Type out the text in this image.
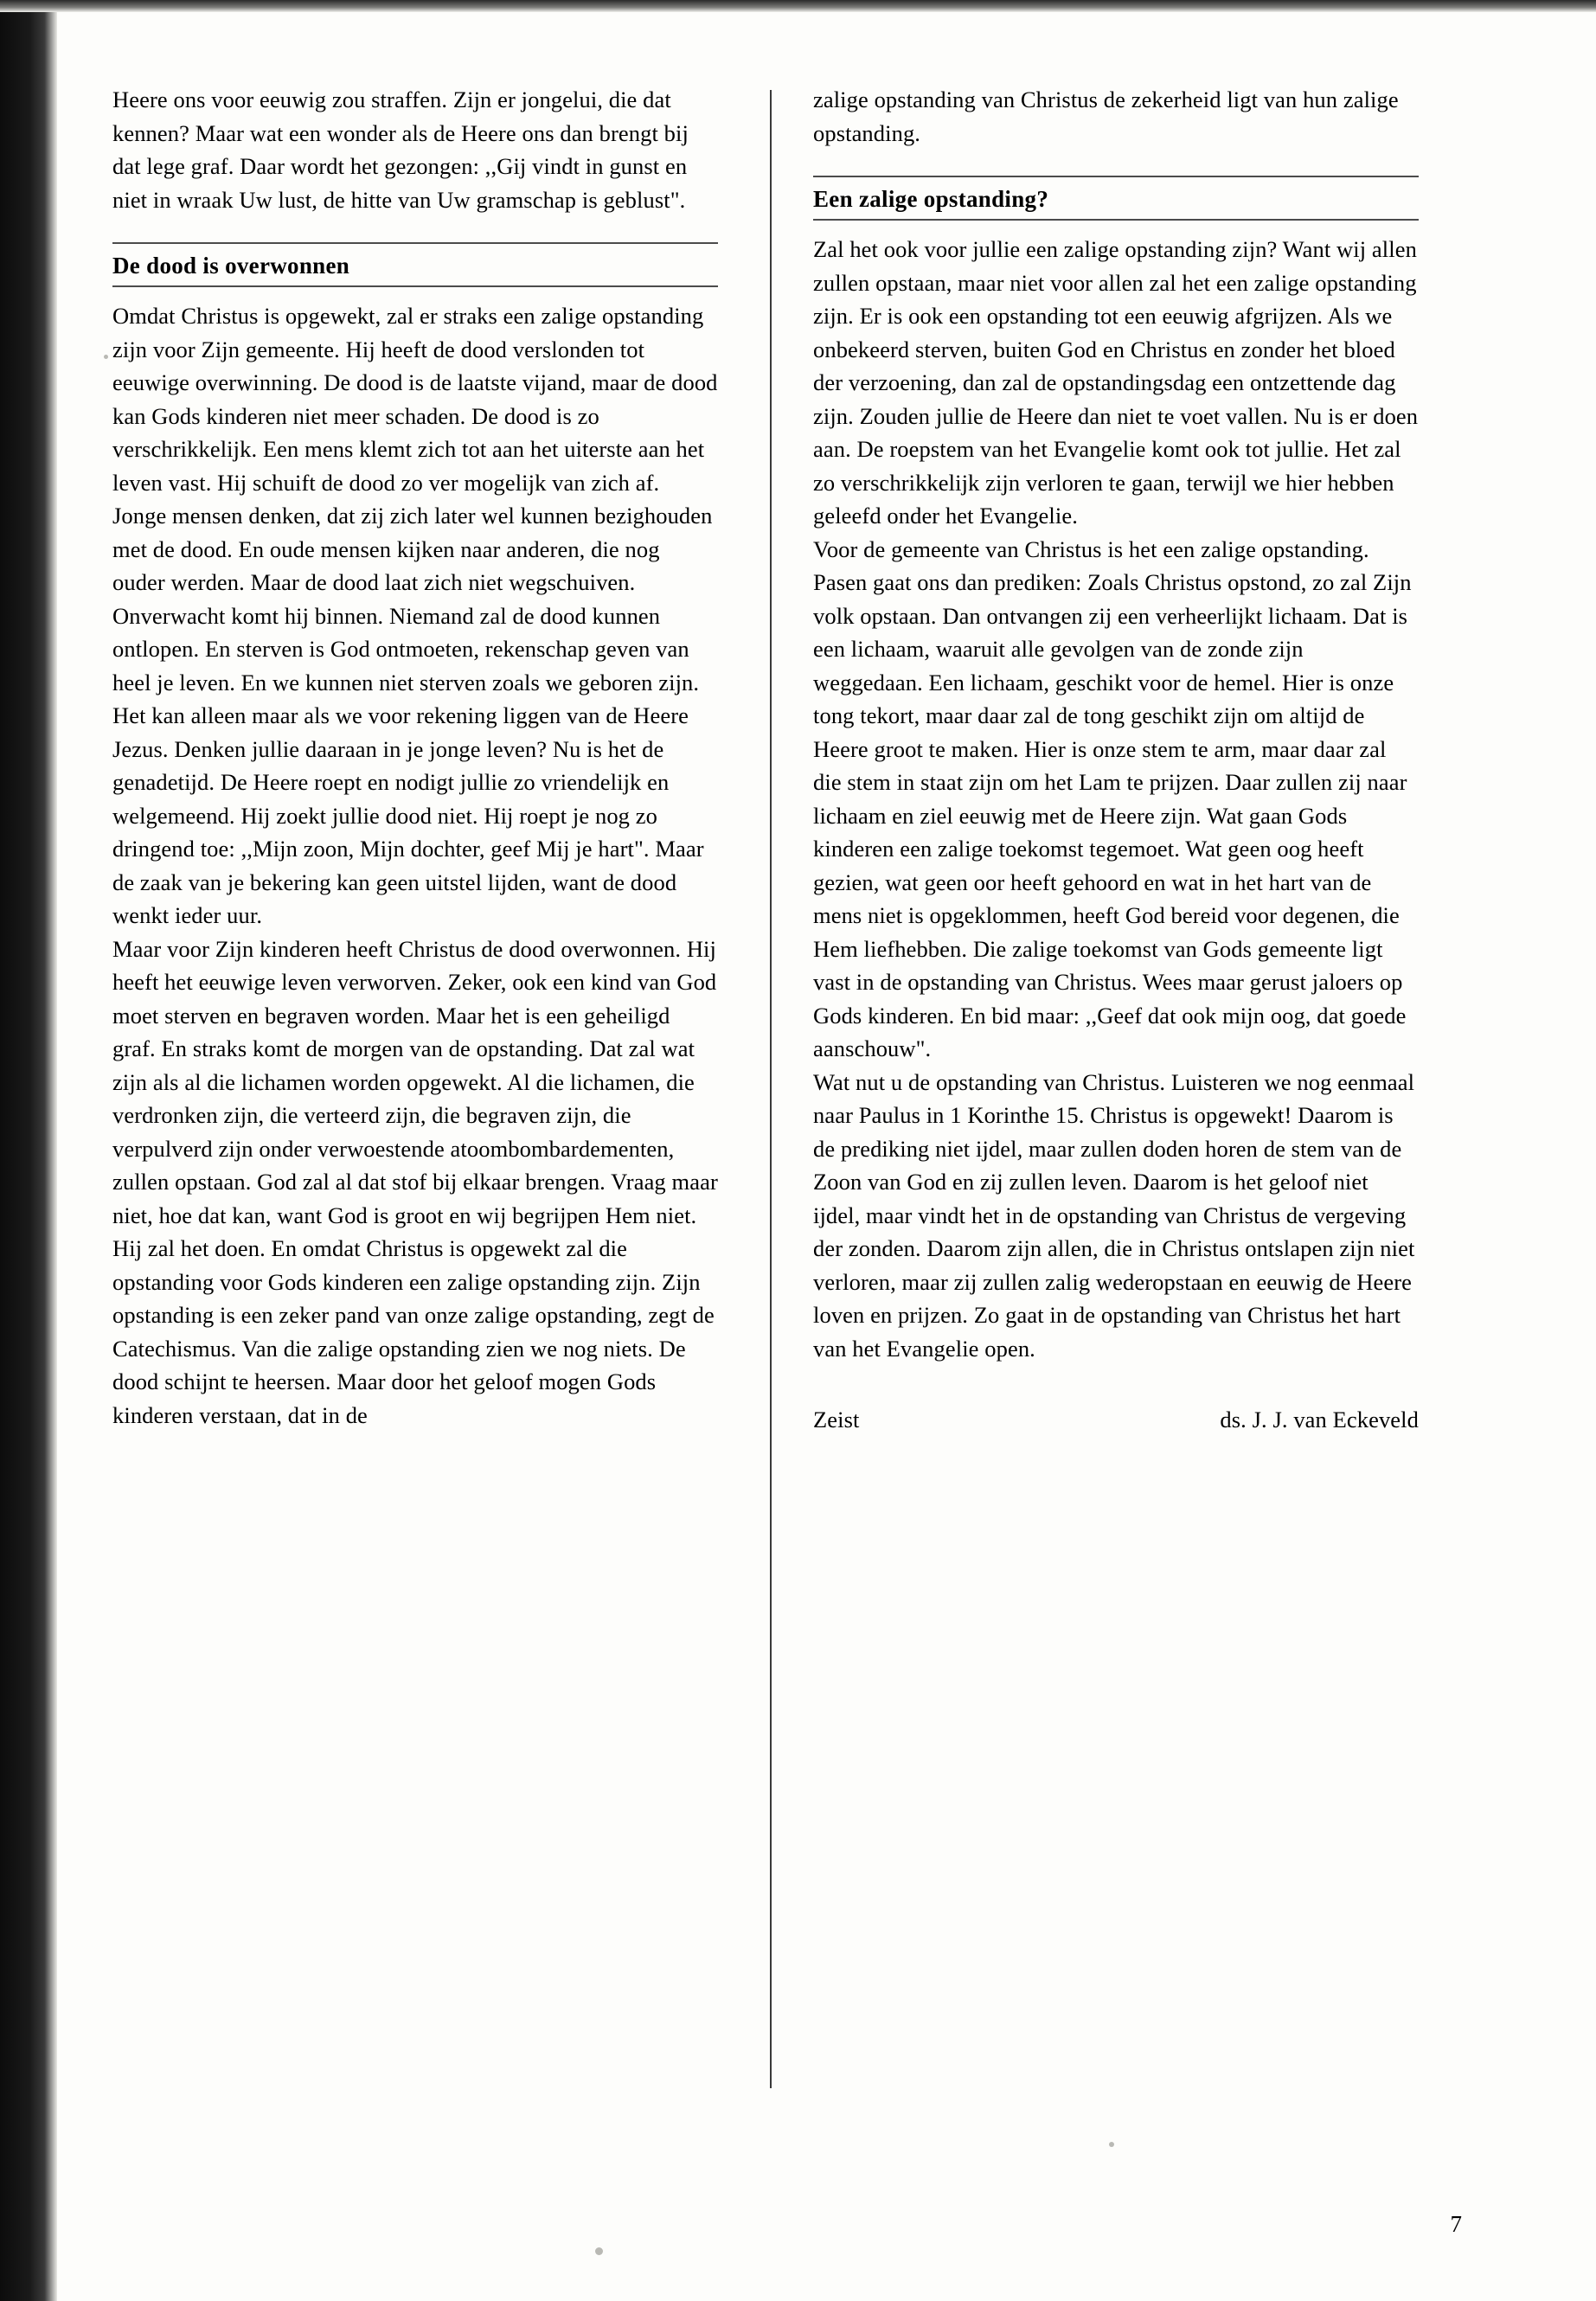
Heere ons voor eeuwig zou straffen. Zijn er jongelui, die dat kennen? Maar wat een wonder als de Heere ons dan brengt bij dat lege graf. Daar wordt het gezongen: ,,Gij vindt in gunst en niet in wraak Uw lust, de hitte van Uw gramschap is geblust".

De dood is overwonnen

Omdat Christus is opgewekt, zal er straks een zalige opstanding zijn voor Zijn gemeente. Hij heeft de dood verslonden tot eeuwige overwinning. De dood is de laatste vijand, maar de dood kan Gods kinderen niet meer schaden. De dood is zo verschrikkelijk. Een mens klemt zich tot aan het uiterste aan het leven vast. Hij schuift de dood zo ver mogelijk van zich af. Jonge mensen denken, dat zij zich later wel kunnen bezighouden met de dood. En oude mensen kijken naar anderen, die nog ouder werden. Maar de dood laat zich niet wegschuiven. Onverwacht komt hij binnen. Niemand zal de dood kunnen ontlopen. En sterven is God ontmoeten, rekenschap geven van heel je leven. En we kunnen niet sterven zoals we geboren zijn. Het kan alleen maar als we voor rekening liggen van de Heere Jezus. Denken jullie daaraan in je jonge leven? Nu is het de genadetijd. De Heere roept en nodigt jullie zo vriendelijk en welgemeend. Hij zoekt jullie dood niet. Hij roept je nog zo dringend toe: ,,Mijn zoon, Mijn dochter, geef Mij je hart". Maar de zaak van je bekering kan geen uitstel lijden, want de dood wenkt ieder uur.

Maar voor Zijn kinderen heeft Christus de dood overwonnen. Hij heeft het eeuwige leven verworven. Zeker, ook een kind van God moet sterven en begraven worden. Maar het is een geheiligd graf. En straks komt de morgen van de opstanding. Dat zal wat zijn als al die lichamen worden opgewekt. Al die lichamen, die verdronken zijn, die verteerd zijn, die begraven zijn, die verpulverd zijn onder verwoestende atoombombardementen, zullen opstaan. God zal al dat stof bij elkaar brengen. Vraag maar niet, hoe dat kan, want God is groot en wij begrijpen Hem niet. Hij zal het doen. En omdat Christus is opgewekt zal die opstanding voor Gods kinderen een zalige opstanding zijn. Zijn opstanding is een zeker pand van onze zalige opstanding, zegt de Catechismus. Van die zalige opstanding zien we nog niets. De dood schijnt te heersen. Maar door het geloof mogen Gods kinderen verstaan, dat in de

zalige opstanding van Christus de zekerheid ligt van hun zalige opstanding.

Een zalige opstanding?

Zal het ook voor jullie een zalige opstanding zijn? Want wij allen zullen opstaan, maar niet voor allen zal het een zalige opstanding zijn. Er is ook een opstanding tot een eeuwig afgrijzen. Als we onbekeerd sterven, buiten God en Christus en zonder het bloed der verzoening, dan zal de opstandingsdag een ontzettende dag zijn. Zouden jullie de Heere dan niet te voet vallen. Nu is er doen aan. De roepstem van het Evangelie komt ook tot jullie. Het zal zo verschrikkelijk zijn verloren te gaan, terwijl we hier hebben geleefd onder het Evangelie.

Voor de gemeente van Christus is het een zalige opstanding. Pasen gaat ons dan prediken: Zoals Christus opstond, zo zal Zijn volk opstaan. Dan ontvangen zij een verheerlijkt lichaam. Dat is een lichaam, waaruit alle gevolgen van de zonde zijn weggedaan. Een lichaam, geschikt voor de hemel. Hier is onze tong tekort, maar daar zal de tong geschikt zijn om altijd de Heere groot te maken. Hier is onze stem te arm, maar daar zal die stem in staat zijn om het Lam te prijzen. Daar zullen zij naar lichaam en ziel eeuwig met de Heere zijn. Wat gaan Gods kinderen een zalige toekomst tegemoet. Wat geen oog heeft gezien, wat geen oor heeft gehoord en wat in het hart van de mens niet is opgeklommen, heeft God bereid voor degenen, die Hem liefhebben. Die zalige toekomst van Gods gemeente ligt vast in de opstanding van Christus. Wees maar gerust jaloers op Gods kinderen. En bid maar: ,,Geef dat ook mijn oog, dat goede aanschouw".

Wat nut u de opstanding van Christus. Luisteren we nog eenmaal naar Paulus in 1 Korinthe 15. Christus is opgewekt! Daarom is de prediking niet ijdel, maar zullen doden horen de stem van de Zoon van God en zij zullen leven. Daarom is het geloof niet ijdel, maar vindt het in de opstanding van Christus de vergeving der zonden. Daarom zijn allen, die in Christus ontslapen zijn niet verloren, maar zij zullen zalig wederopstaan en eeuwig de Heere loven en prijzen. Zo gaat in de opstanding van Christus het hart van het Evangelie open.

Zeist	ds. J. J. van Eckeveld
7
